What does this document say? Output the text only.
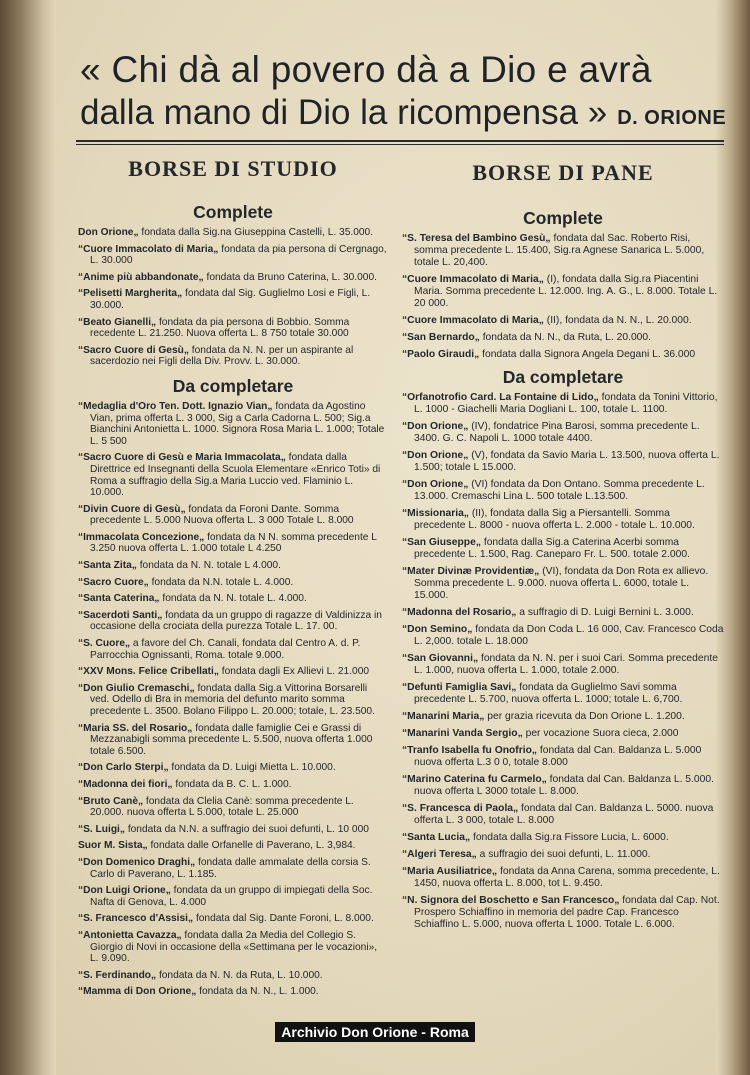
« Chi dà al povero dà a Dio e avrà
dalla mano di Dio la ricompensa » D. ORIONE
BORSE DI STUDIO
Complete
Don Orione„ fondata dalla Sig.na Giuseppina Castelli, L. 35.000.
“Cuore Immacolato di Maria„ fondata da pia persona di Cergnago, L. 30.000
“Anime più abbandonate„ fondata da Bruno Caterina, L. 30.000.
“Pelisetti Margherita„ fondata dal Sig. Guglielmo Losi e Figli, L. 30.000.
“Beato Gianelli„ fondata da pia persona di Bobbio. Somma recedente L. 21.250. Nuova offerta L. 8 750 totale 30.000
“Sacro Cuore di Gesù„ fondata da N. N. per un aspirante al sacerdozio nei Figli della Div. Provv. L. 30.000.
Da completare
“Medaglia d'Oro Ten. Dott. Ignazio Vian„ fondata da Agostino Vian, prima offerta L. 3 000, Sig a Carla Cadorna L. 500; Sig.a Bianchini Antonietta L. 1000. Signora Rosa Maria L. 1.000; Totale L. 5 500
“Sacro Cuore di Gesù e Maria Immacolata„ fondata dalla Direttrice ed Insegnanti della Scuola Elementare «Enrico Toti» di Roma a suffragio della Sig.a Maria Luccio ved. Flaminio L. 10.000.
“Divin Cuore di Gesù„ fondata da Foroni Dante. Somma precedente L. 5.000 Nuova offerta L. 3 000 Totale L. 8.000
“Immacolata Concezione„ fondata da N N. somma precedente L 3.250 nuova offerta L. 1.000 totale L 4.250
“Santa Zita„ fondata da N. N. totale L 4.000.
“Sacro Cuore„ fondata da N.N. totale L. 4.000.
“Santa Caterina„ fondata da N. N. totale L. 4.000.
“Sacerdoti Santi„ fondata da un gruppo di ragazze di Valdinizza in occasione della crociata della purezza Totale L. 17. 00.
“S. Cuore„ a favore del Ch. Canali, fondata dal Centro A. d. P. Parrocchia Ognissanti, Roma. totale 9.000.
“XXV Mons. Felice Cribellati„ fondata dagli Ex Allievi L. 21.000
“Don Giulio Cremaschi„ fondata dalla Sig.a Vittorina Borsarelli ved. Odello di Bra in memoria del defunto marito somma precedente L. 3500. Bolano Filippo L. 20.000; totale, L. 23.500.
“Maria SS. del Rosario„ fondata dalle famiglie Cei e Grassi di Mezzanabigli somma precedente L. 5.500, nuova offerta 1.000 totale 6.500.
“Don Carlo Sterpi„ fondata da D. Luigi Mietta L. 10.000.
“Madonna dei fiori„ fondata da B. C. L. 1.000.
“Bruto Canè„ fondata da Clelia Canè: somma precedente L. 20.000. nuova offerta L 5.000, totale L. 25.000
“S. Luigi„ fondata da N.N. a suffragio dei suoi defunti, L. 10 000
Suor M. Sista„ fondata dalle Orfanelle di Paverano, L. 3,984.
“Don Domenico Draghi„ fondata dalle ammalate della corsia S. Carlo di Paverano, L. 1.185.
“Don Luigi Orione„ fondata da un gruppo di impiegati della Soc. Nafta di Genova, L. 4.000
“S. Francesco d'Assisi„ fondata dal Sig. Dante Foroni, L. 8.000.
“Antonietta Cavazza„ fondata dalla 2a Media del Collegio S. Giorgio di Novi in occasione della «Settimana per le vocazioni», L. 9.090.
“S. Ferdinando„ fondata da N. N. da Ruta, L. 10.000.
“Mamma di Don Orione„ fondata da N. N., L. 1.000.
BORSE DI PANE
Complete
“S. Teresa del Bambino Gesù„ fondata dal Sac. Roberto Risi, somma precedente L. 15.400, Sig.ra Agnese Sanarica L. 5.000, totale L. 20,400.
“Cuore Immacolato di Maria„ (I), fondata dalla Sig.ra Piacentini Maria. Somma precedente L. 12.000. Ing. A. G., L. 8.000. Totale L. 20 000.
“Cuore Immacolato di Maria„ (II), fondata da N. N., L. 20.000.
“San Bernardo„ fondata da N. N., da Ruta, L. 20.000.
“Paolo Giraudi„ fondata dalla Signora Angela Degani L. 36.000
Da completare
“Orfanotrofio Card. La Fontaine di Lido„ fondata da Tonini Vittorio, L. 1000 - Giachelli Maria Dogliani L. 100, totale L. 1100.
“Don Orione„ (IV), fondatrice Pina Barosi, somma precedente L. 3400. G. C. Napoli L. 1000 totale 4400.
“Don Orione„ (V), fondata da Savio Maria L. 13.500, nuova offerta L. 1.500; totale L 15.000.
“Don Orione„ (VI) fondata da Don Ontano. Somma precedente L. 13.000. Cremaschi Lina L. 500 totale L.13.500.
“Missionaria„ (II), fondata dalla Sig a Piersantelli. Somma precedente L. 8000 - nuova offerta L. 2.000 - totale L. 10.000.
“San Giuseppe„ fondata dalla Sig.a Caterina Acerbi somma precedente L. 1.500, Rag. Caneparo Fr. L. 500. totale 2.000.
“Mater Divinæ Providentiæ„ (VI), fondata da Don Rota ex allievo. Somma precedente L. 9.000. nuova offerta L. 6000, totale L. 15.000.
“Madonna del Rosario„ a suffragio di D. Luigi Bernini L. 3.000.
“Don Semino„ fondata da Don Coda L. 16 000, Cav. Francesco Coda L. 2,000. totale L. 18.000
“San Giovanni„ fondata da N. N. per i suoi Cari. Somma precedente L. 1.000, nuova offerta L. 1.000, totale 2.000.
“Defunti Famiglia Savi„ fondata da Guglielmo Savi somma precedente L. 5.700, nuova offerta L. 1000; totale L. 6,700.
“Manarini Maria„ per grazia ricevuta da Don Orione L. 1.200.
“Manarini Vanda Sergio„ per vocazione Suora cieca, 2.000
“Tranfo Isabella fu Onofrio„ fondata dal Can. Baldanza L. 5.000 nuova offerta L.3 0 0, totale 8.000
“Marino Caterina fu Carmelo„ fondata dal Can. Baldanza L. 5.000. nuova offerta L 3000 totale L. 8.000.
“S. Francesca di Paola„ fondata dal Can. Baldanza L. 5000. nuova offerta L. 3 000, totale L. 8.000
“Santa Lucia„ fondata dalla Sig.ra Fissore Lucia, L. 6000.
“Algeri Teresa„ a suffragio dei suoi defunti, L. 11.000.
“Maria Ausiliatrice„ fondata da Anna Carena, somma precedente, L. 1450, nuova offerta L. 8.000, tot L. 9.450.
“N. Signora del Boschetto e San Francesco„ fondata dal Cap. Not. Prospero Schiaffino in memoria del padre Cap. Francesco Schiaffino L. 5.000, nuova offerta L 1000. Totale L. 6.000.
Archivio Don Orione - Roma
